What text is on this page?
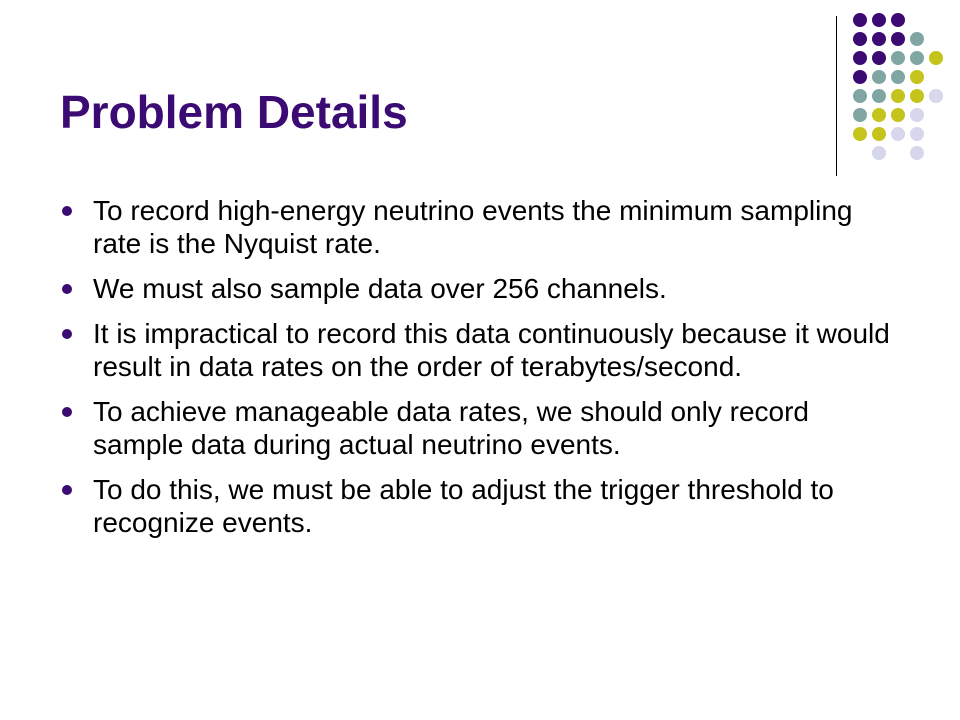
Problem Details
To record high-energy neutrino events the minimum sampling rate is the Nyquist rate.
We must also sample data over 256 channels.
It is impractical to record this data continuously because it would result in data rates on the order of terabytes/second.
To achieve manageable data rates, we should only record sample data during actual neutrino events.
To do this, we must be able to adjust the trigger threshold to recognize events.
